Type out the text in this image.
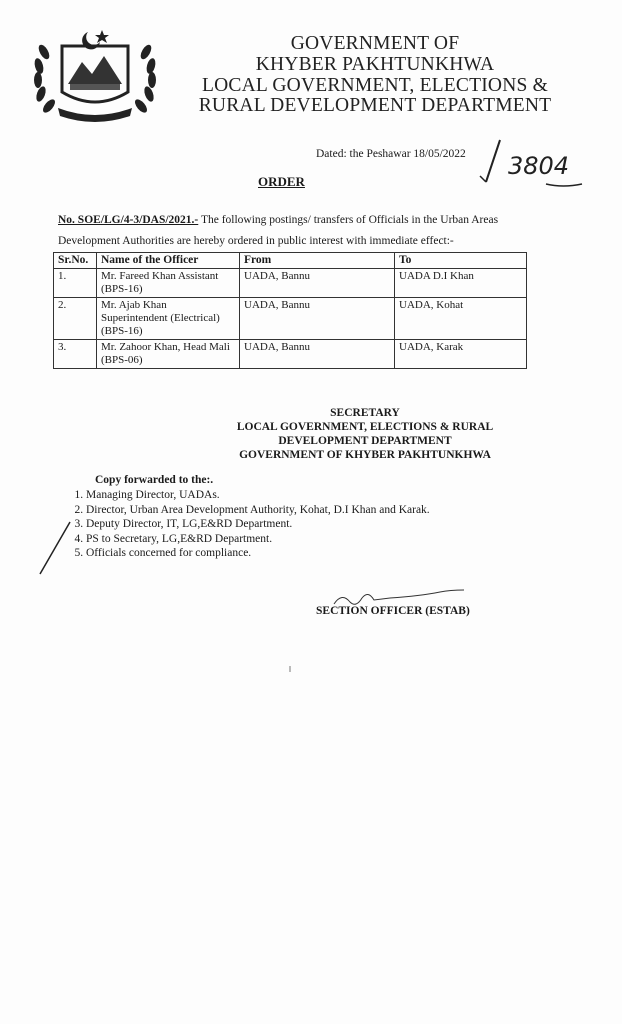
GOVERNMENT OF
KHYBER PAKHTUNKHWA
LOCAL GOVERNMENT, ELECTIONS &
RURAL DEVELOPMENT DEPARTMENT
Dated: the Peshawar 18/05/2022 3804
ORDER
No. SOE/LG/4-3/DAS/2021.- The following postings/ transfers of Officials in the Urban Areas
Development Authorities are hereby ordered in public interest with immediate effect:-
Sr.No.	Name of the Officer	From	To
1.	Mr. Fareed Khan Assistant (BPS-16)	UADA, Bannu	UADA D.I Khan
2.	Mr. Ajab Khan Superintendent (Electrical) (BPS-16)	UADA, Bannu	UADA, Kohat
3.	Mr. Zahoor Khan, Head Mali (BPS-06)	UADA, Bannu	UADA, Karak
SECRETARY
LOCAL GOVERNMENT, ELECTIONS & RURAL
DEVELOPMENT DEPARTMENT
GOVERNMENT OF KHYBER PAKHTUNKHWA
Copy forwarded to the:.
1. Managing Director, UADAs.
2. Director, Urban Area Development Authority, Kohat, D.I Khan and Karak.
3. Deputy Director, IT, LG,E&RD Department.
4. PS to Secretary, LG,E&RD Department.
5. Officials concerned for compliance.
SECTION OFFICER (ESTAB)
